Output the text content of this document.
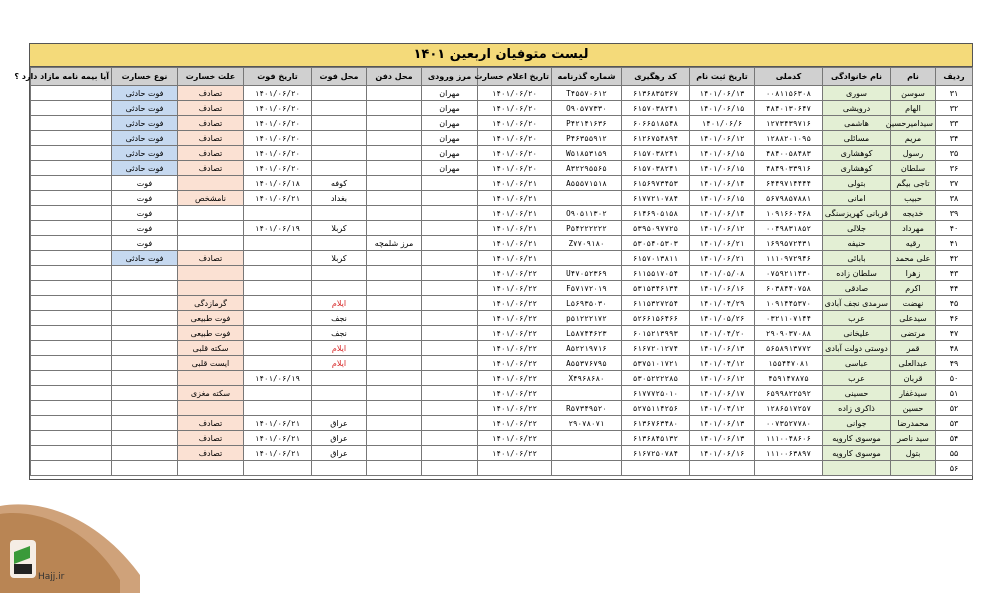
لیست متوفیان اربعین ۱۴۰۱
ردیف	نام	نام خانوادگی	کدملی	تاریخ ثبت نام	کد رهگیری	شماره گذرنامه	تاریخ اعلام خسارت	مرز ورودی	محل دفن	محل فوت	تاریخ فوت	علت خسارت	نوع خسارت	آیا بیمه نامه مازاد دارد ؟
۳۱	سوسن	سوری	۰۰۸۱۱۵۶۳۰۸	۱۴۰۱/۰۶/۱۳	۶۱۳۶۸۳۵۳۶۷	T۴۵۵۷۰۶۱۲	۱۴۰۱/۰۶/۲۰	مهران			۱۴۰۱/۰۶/۲۰	تصادف	فوت حادثی	
۳۲	الهام	درویشی	۴۸۴۰۱۳۰۶۴۷	۱۴۰۱/۰۶/۱۵	۶۱۵۷۰۳۸۲۴۱	O۹۰۵۷۷۳۳۰	۱۴۰۱/۰۶/۲۰	مهران			۱۴۰۱/۰۶/۲۰	تصادف	فوت حادثی	
۳۳	سیدامیرحسین	هاشمی	۱۲۷۳۴۳۹۷۱۶	۱۴۰۱/۰۶/۶	۶۰۶۶۵۱۸۵۴۸	P۴۲۱۴۱۶۳۶	۱۴۰۱/۰۶/۲۰	مهران			۱۴۰۱/۰۶/۲۰	تصادف	فوت حادثی	
۳۴	مریم	مسائلی	۱۲۸۸۲۰۱۰۹۵	۱۴۰۱/۰۶/۱۲	۶۱۲۶۷۵۴۸۹۴	P۴۶۳۵۵۹۱۲	۱۴۰۱/۰۶/۲۰	مهران			۱۴۰۱/۰۶/۲۰	تصادف	فوت حادثی	
۳۵	رسول	کوهشاری	۴۸۴۰۰۵۸۴۸۳	۱۴۰۱/۰۶/۱۵	۶۱۵۷۰۳۸۲۴۱	W۵۱۸۵۳۱۵۹	۱۴۰۱/۰۶/۲۰	مهران			۱۴۰۱/۰۶/۲۰	تصادف	فوت حادثی	
۳۶	سلطان	کوهشاری	۴۸۴۹۰۳۳۹۱۶	۱۴۰۱/۰۶/۱۵	۶۱۵۷۰۳۸۲۴۱	A۳۲۲۹۵۵۶۵	۱۴۰۱/۰۶/۲۰	مهران			۱۴۰۱/۰۶/۲۰	تصادف	فوت حادثی	
۳۷	تاجی بیگم	بتولی	۶۴۴۹۷۱۴۴۴۴	۱۴۰۱/۰۶/۱۴	۶۱۵۶۹۷۳۴۵۳	A۵۵۵۷۱۵۱۸	۱۴۰۱/۰۶/۲۱			کوفه	۱۴۰۱/۰۶/۱۸		فوت	
۳۸	حبیب	امانی	۵۶۷۹۸۵۷۸۸۱	۱۴۰۱/۰۶/۱۵	۶۱۷۷۲۱۰۷۸۴		۱۴۰۱/۰۶/۲۱			بغداد	۱۴۰۱/۰۶/۲۱	نامشخص	فوت	
۳۹	خدیجه	قربانی کهریزسنگی	۱۰۹۱۶۶۰۴۶۸	۱۴۰۱/۰۶/۱۴	۶۱۴۶۹۰۵۱۵۸	O۹۰۵۱۱۳۰۲	۱۴۰۱/۰۶/۲۱						فوت	
۴۰	مهرداد	جلالی	۰۰۴۹۸۳۱۸۵۲	۱۴۰۱/۰۶/۱۲	۵۳۹۵۰۹۷۷۲۵	P۵۴۲۲۲۲۲۲	۱۴۰۱/۰۶/۲۱			کربلا	۱۴۰۱/۰۶/۱۹		فوت	
۴۱	رقیه	حنیفه	۱۶۹۹۵۷۲۴۳۱	۱۴۰۱/۰۶/۲۱	۵۳۰۵۴۰۵۳۰۳	Z۷۷۰۹۱۸۰	۱۴۰۱/۰۶/۲۱		مرز شلمچه				فوت	
۴۲	علی محمد	بابائی	۱۱۱۰۹۷۲۹۴۶	۱۴۰۱/۰۶/۲۱	۶۱۵۷۰۱۳۸۱۱		۱۴۰۱/۰۶/۲۱			کربلا		تصادف	فوت حادثی	
۴۳	زهرا	سلطان زاده	۰۷۵۹۲۱۱۴۳۰	۱۴۰۱/۰۵/۰۸	۶۱۱۵۵۱۷۰۵۴	U۴۷۰۵۲۳۶۹	۱۴۰۱/۰۶/۲۲							
۴۴	اکرم	صادقی	۶۰۳۸۴۴۰۷۵۸	۱۴۰۱/۰۶/۱۶	۵۳۱۵۳۴۶۱۳۴	F۵۷۱۷۲۰۱۹	۱۴۰۱/۰۶/۲۲							
۴۵	نهضت	سرمدی نجف آبادی	۱۰۹۱۴۴۵۳۷۰	۱۴۰۱/۰۴/۲۹	۶۱۱۵۳۲۷۲۵۴	L۵۶۹۳۵۰۳۰	۱۴۰۱/۰۶/۲۲			ایلام		گرمازدگی		
۴۶	سیدعلی	عرب	۰۳۲۱۱۰۷۱۴۴	۱۴۰۱/۰۵/۲۶	۵۲۶۶۱۵۶۴۶۶	p۵۱۲۲۲۱۷۲	۱۴۰۱/۰۶/۲۲			نجف		فوت طبیعی		
۴۷	مرتضی	علیخانی	۲۹۰۹۰۳۷۰۸۸	۱۴۰۱/۰۴/۲۰	۶۰۱۵۲۱۳۹۹۳	L۵۸۷۴۴۶۲۳	۱۴۰۱/۰۶/۲۲			نجف		فوت طبیعی		
۴۸	قمر	دوستی دولت آبادی	۵۶۵۸۹۱۳۷۷۲	۱۴۰۱/۰۶/۱۳	۶۱۶۷۲۰۱۲۷۴	A۵۲۲۱۹۷۱۶	۱۴۰۱/۰۶/۲۲			ایلام		سکته قلبی		
۴۹	عبدالعلی	عباسی	۱۵۵۴۴۷۰۸۱	۱۴۰۱/۰۴/۱۲	۵۳۷۵۱۰۱۷۲۱	A۵۵۳۷۶۷۹۵	۱۴۰۱/۰۶/۲۲			ایلام		ایست قلبی		
۵۰	قربان	عرب	۴۵۹۱۴۷۸۷۵	۱۴۰۱/۰۶/۱۲	۵۳۰۵۲۲۲۲۸۵	X۴۹۶۸۶۸۰	۱۴۰۱/۰۶/۲۲				۱۴۰۱/۰۶/۱۹			
۵۱	سیدغفار	حسینی	۶۵۹۹۸۲۲۵۹۲	۱۴۰۱/۰۶/۱۷	۶۱۷۷۷۲۵۰۱۰		۱۴۰۱/۰۶/۲۲					سکته مغزی		
۵۲	حسین	ذاکری زاده	۱۲۸۶۵۱۷۲۵۷	۱۴۰۱/۰۴/۱۲	۵۲۷۵۱۱۴۲۵۶	R۵۷۳۴۹۵۲۰	۱۴۰۱/۰۶/۲۲							
۵۳	محمدرضا	جوانی	۰۰۷۳۵۲۷۷۸۰	۱۴۰۱/۰۶/۱۳	۶۱۳۶۷۶۳۴۸۰	۲۹۰۷۸۰۷۱	۱۴۰۱/۰۶/۲۲			عراق	۱۴۰۱/۰۶/۲۱	تصادف		
۵۴	سید ناصر	موسوی کارویه	۱۱۱۰۰۴۸۶۰۶	۱۴۰۱/۰۶/۱۳	۶۱۳۶۸۴۵۱۳۲		۱۴۰۱/۰۶/۲۲			عراق	۱۴۰۱/۰۶/۲۱	تصادف		
۵۵	بتول	موسوی کارویه	۱۱۱۰۰۶۳۸۹۷	۱۴۰۱/۰۶/۱۶	۶۱۶۷۲۵۰۷۸۴		۱۴۰۱/۰۶/۲۲			عراق	۱۴۰۱/۰۶/۲۱	تصادف		
۵۶														
Hajj.ir
